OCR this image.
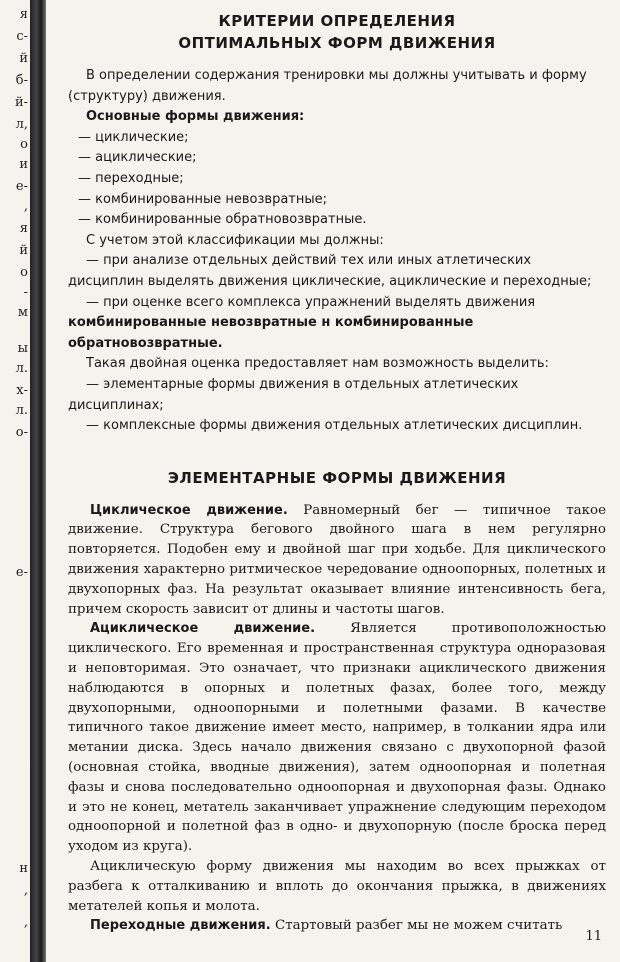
я
с-
й
б-
й-
л,
о
и
е-
,
я
й
о
-
м
ы
л.
х-
л.
о-
е-
н
,
,
КРИТЕРИИ ОПРЕДЕЛЕНИЯ
ОПТИМАЛЬНЫХ ФОРМ ДВИЖЕНИЯ

В определении содержания тренировки мы должны учитывать и форму (структуру) движения.

Основные формы движения:

— циклические;

— ациклические;

— переходные;

— комбинированные невозвратные;

— комбинированные обратновозвратные.

С учетом этой классификации мы должны:

— при анализе отдельных действий тех или иных атлетических дисциплин выделять движения циклические, ациклические и переходные;

— при оценке всего комплекса упражнений выделять движения комбинированные невозвратные н комбинированные обратновозвратные.

Такая двойная оценка предоставляет нам возможность выделить:

— элементарные формы движения в отдельных атлетических дисциплинах;

— комплексные формы движения отдельных атлетических дисциплин.

ЭЛЕМЕНТАРНЫЕ ФОРМЫ ДВИЖЕНИЯ

Циклическое движение. Равномерный бег — типичное такое движение. Структура бегового двойного шага в нем регулярно повторяется. Подобен ему и двойной шаг при ходьбе. Для циклического движения характерно ритмическое чередование одноопорных, полетных и двухопорных фаз. На результат оказывает влияние интенсивность бега, причем скорость зависит от длины и частоты шагов.

Ациклическое движение. Является противоположностью циклического. Его временная и пространственная структура одноразовая и неповторимая. Это означает, что признаки ациклического движения наблюдаются в опорных и полетных фазах, более того, между двухопорными, одноопорными и полетными фазами. В качестве типичного такое движение имеет место, например, в толкании ядра или метании диска. Здесь начало движения связано с двухопорной фазой (основная стойка, вводные движения), затем одноопорная и полетная фазы и снова последовательно одноопорная и двухопорная фазы. Однако и это не конец, метатель заканчивает упражнение следующим переходом одноопорной и полетной фаз в одно- и двухопорную (после броска перед уходом из круга).

Ациклическую форму движения мы находим во всех прыжках от разбега к отталкиванию и вплоть до окончания прыжка, в движениях метателей копья и молота.

Переходные движения. Стартовый разбег мы не можем считать

11
